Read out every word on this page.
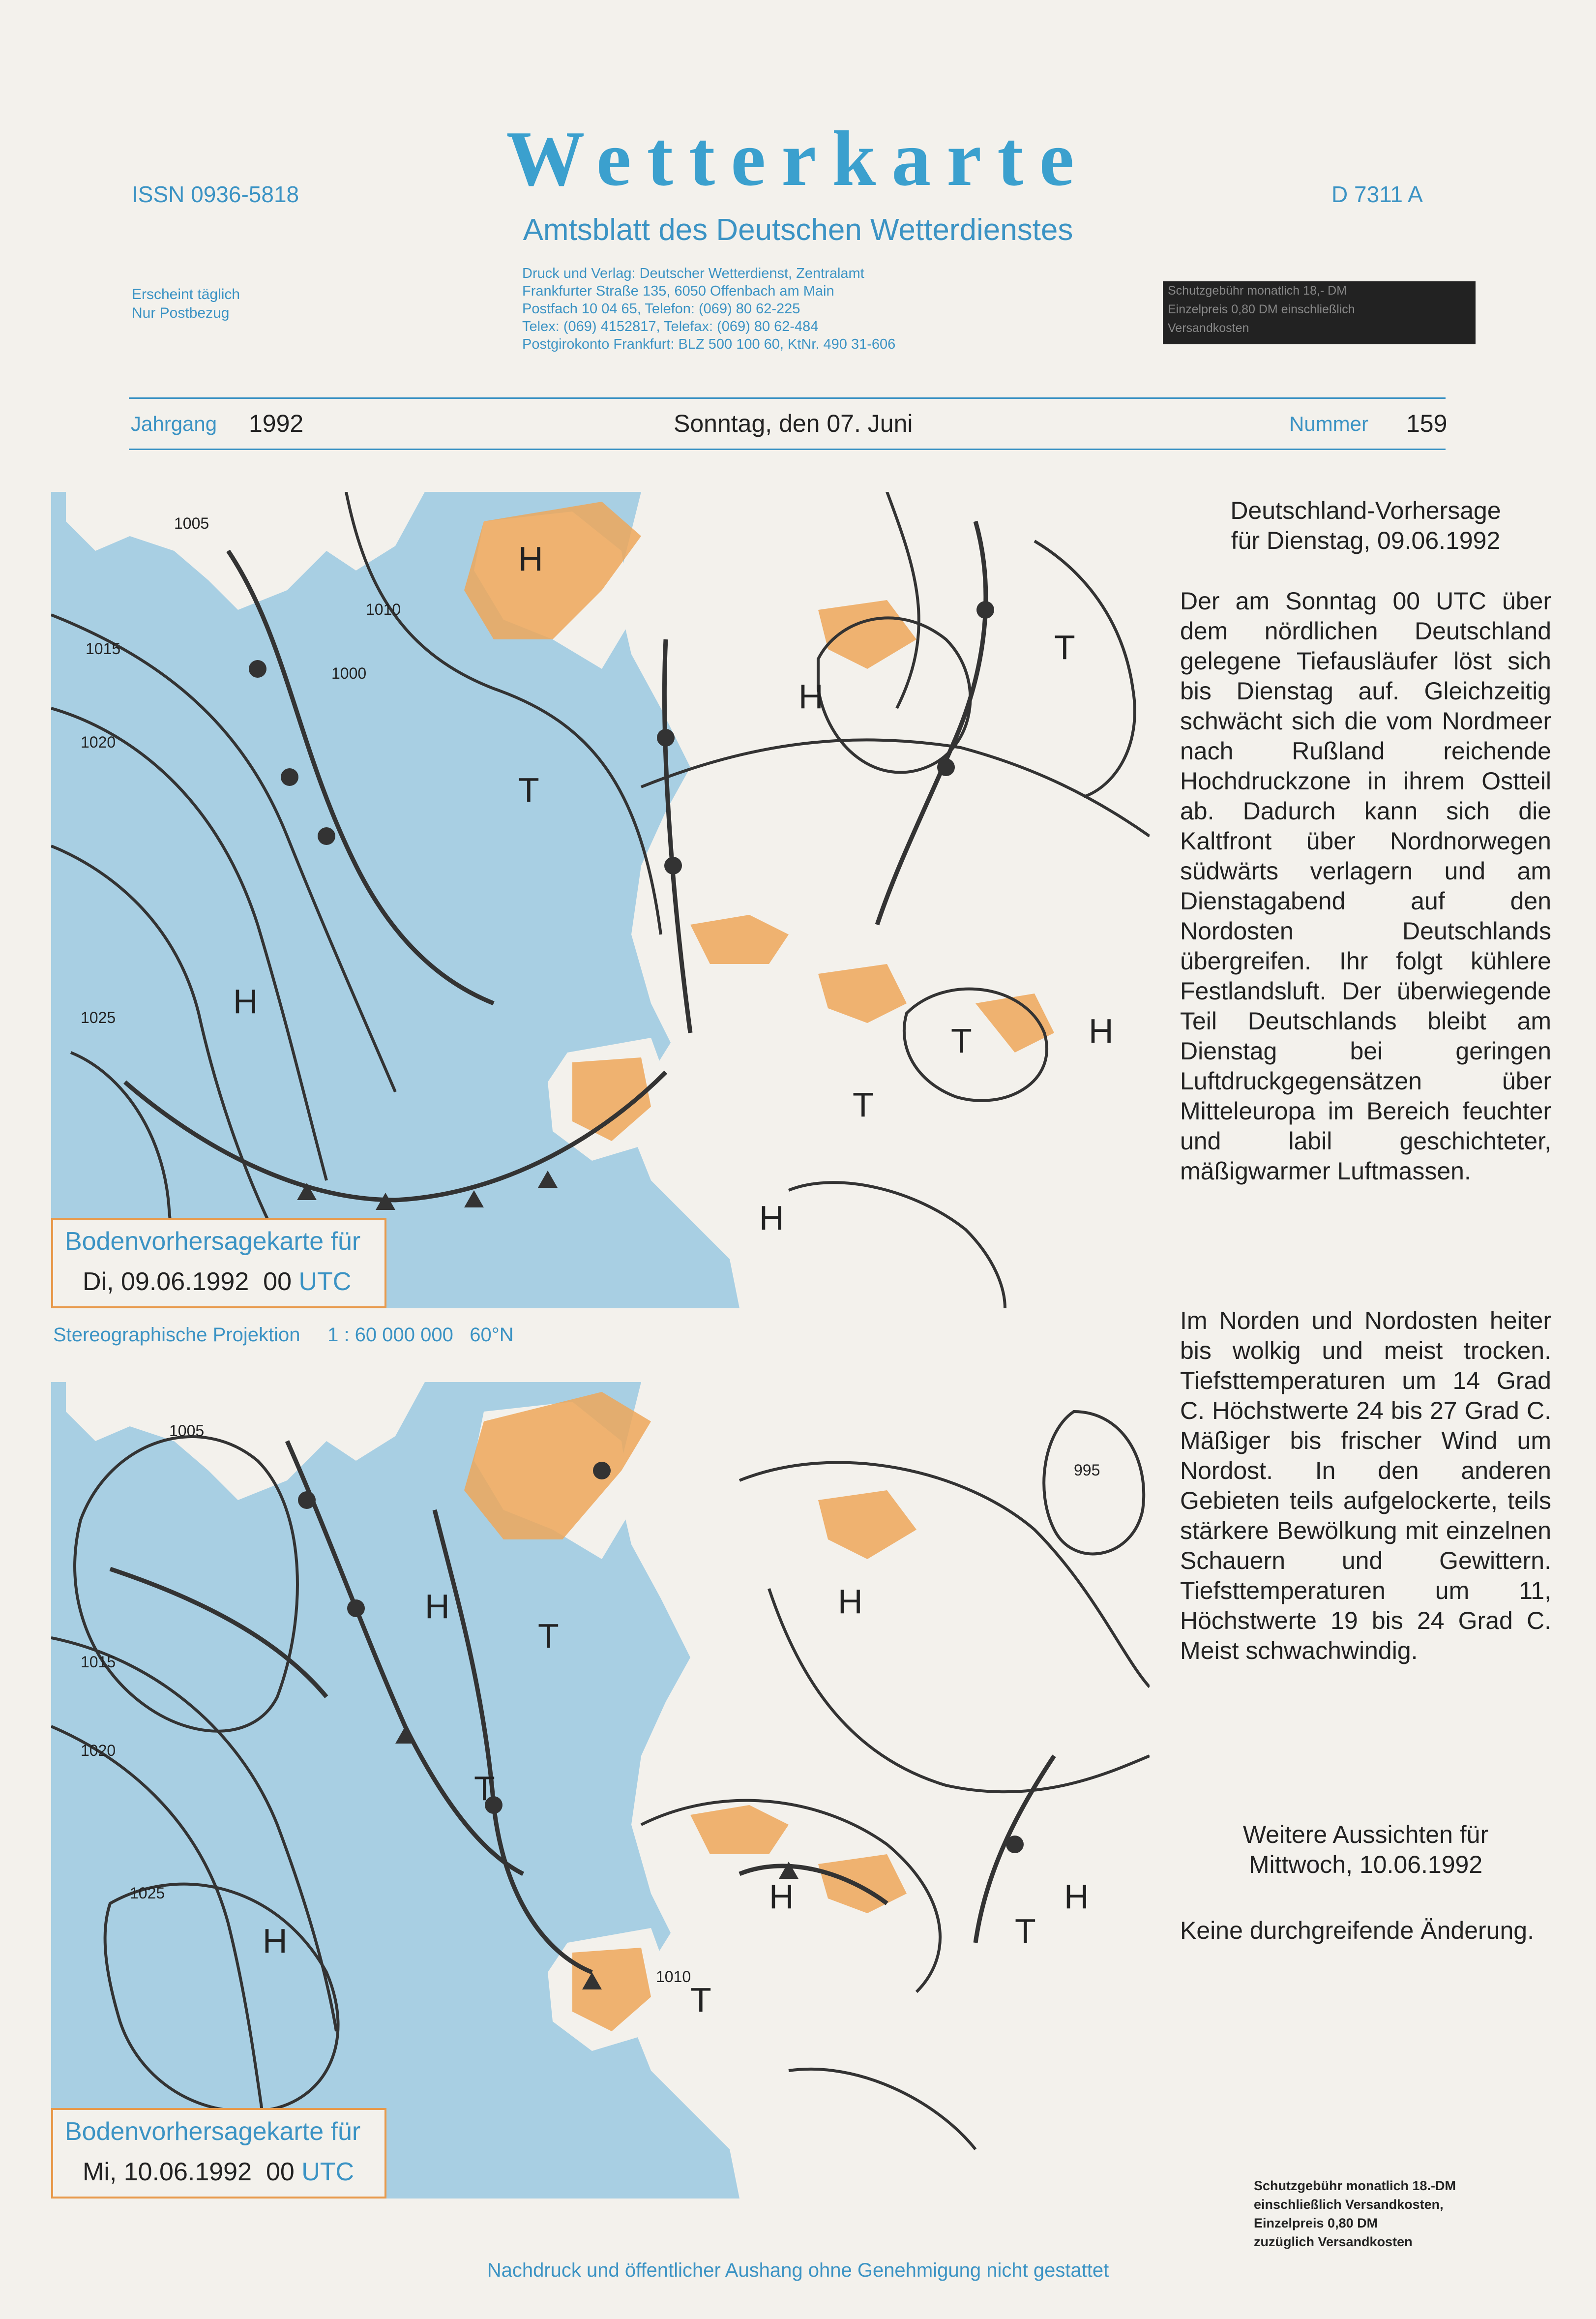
ISSN 0936-5818	Wetterkarte	D 7311 A
Amtsblatt des Deutschen Wetterdienstes
Erscheint täglich
Nur Postbezug
Druck und Verlag: Deutscher Wetterdienst, Zentralamt
Frankfurter Straße 135, 6050 Offenbach am Main
Postfach 10 04 65, Telefon: (069) 80 62-225
Telex: (069) 4152817, Telefax: (069) 80 62-484
Postgirokonto Frankfurt: BLZ 500 100 60, KtNr. 490 31-606
Schutzgebühr monatlich 18,- DM
Einzelpreis 0,80 DM einschließlich
Versandkosten
Jahrgang 1992	Sonntag, den 07. Juni	Nummer 159
H
H
H
H
H
T
T
T
T
1005
1010
1015
1020
1025
1000
Bodenvorhersagekarte für
Di, 09.06.1992 00 UTC
Stereographische Projektion     1 : 60 000 000   60°N
H
H	H
H	H
T
T
T
T
1005
1010
1015
1020
1025
995
Bodenvorhersagekarte für
Mi, 10.06.1992 00 UTC
Deutschland-Vorhersage
für Dienstag, 09.06.1992
Der am Sonntag 00 UTC über dem nördlichen Deutschland gelegene Tiefausläufer löst sich bis Dienstag auf. Gleichzeitig schwächt sich die vom Nordmeer nach Rußland reichende Hochdruckzone in ihrem Ostteil ab. Dadurch kann sich die Kaltfront über Nordnorwegen südwärts verlagern und am Dienstagabend auf den Nordosten Deutschlands übergreifen. Ihr folgt kühlere Festlandsluft. Der überwiegende Teil Deutschlands bleibt am Dienstag bei geringen Luftdruckgegensätzen über Mitteleuropa im Bereich feuchter und labil geschichteter, mäßigwarmer Luftmassen.
Im Norden und Nordosten heiter bis wolkig und meist trocken. Tiefsttemperaturen um 14 Grad C. Höchstwerte 24 bis 27 Grad C. Mäßiger bis frischer Wind um Nordost. In den anderen Gebieten teils aufgelockerte, teils stärkere Bewölkung mit einzelnen Schauern und Gewittern. Tiefsttemperaturen um 11, Höchstwerte 19 bis 24 Grad C. Meist schwachwindig.
Weitere Aussichten für
Mittwoch, 10.06.1992
Keine durchgreifende Änderung.
Schutzgebühr monatlich 18.-DM
einschließlich Versandkosten,
Einzelpreis 0,80 DM
zuzüglich Versandkosten
Nachdruck und öffentlicher Aushang ohne Genehmigung nicht gestattet
